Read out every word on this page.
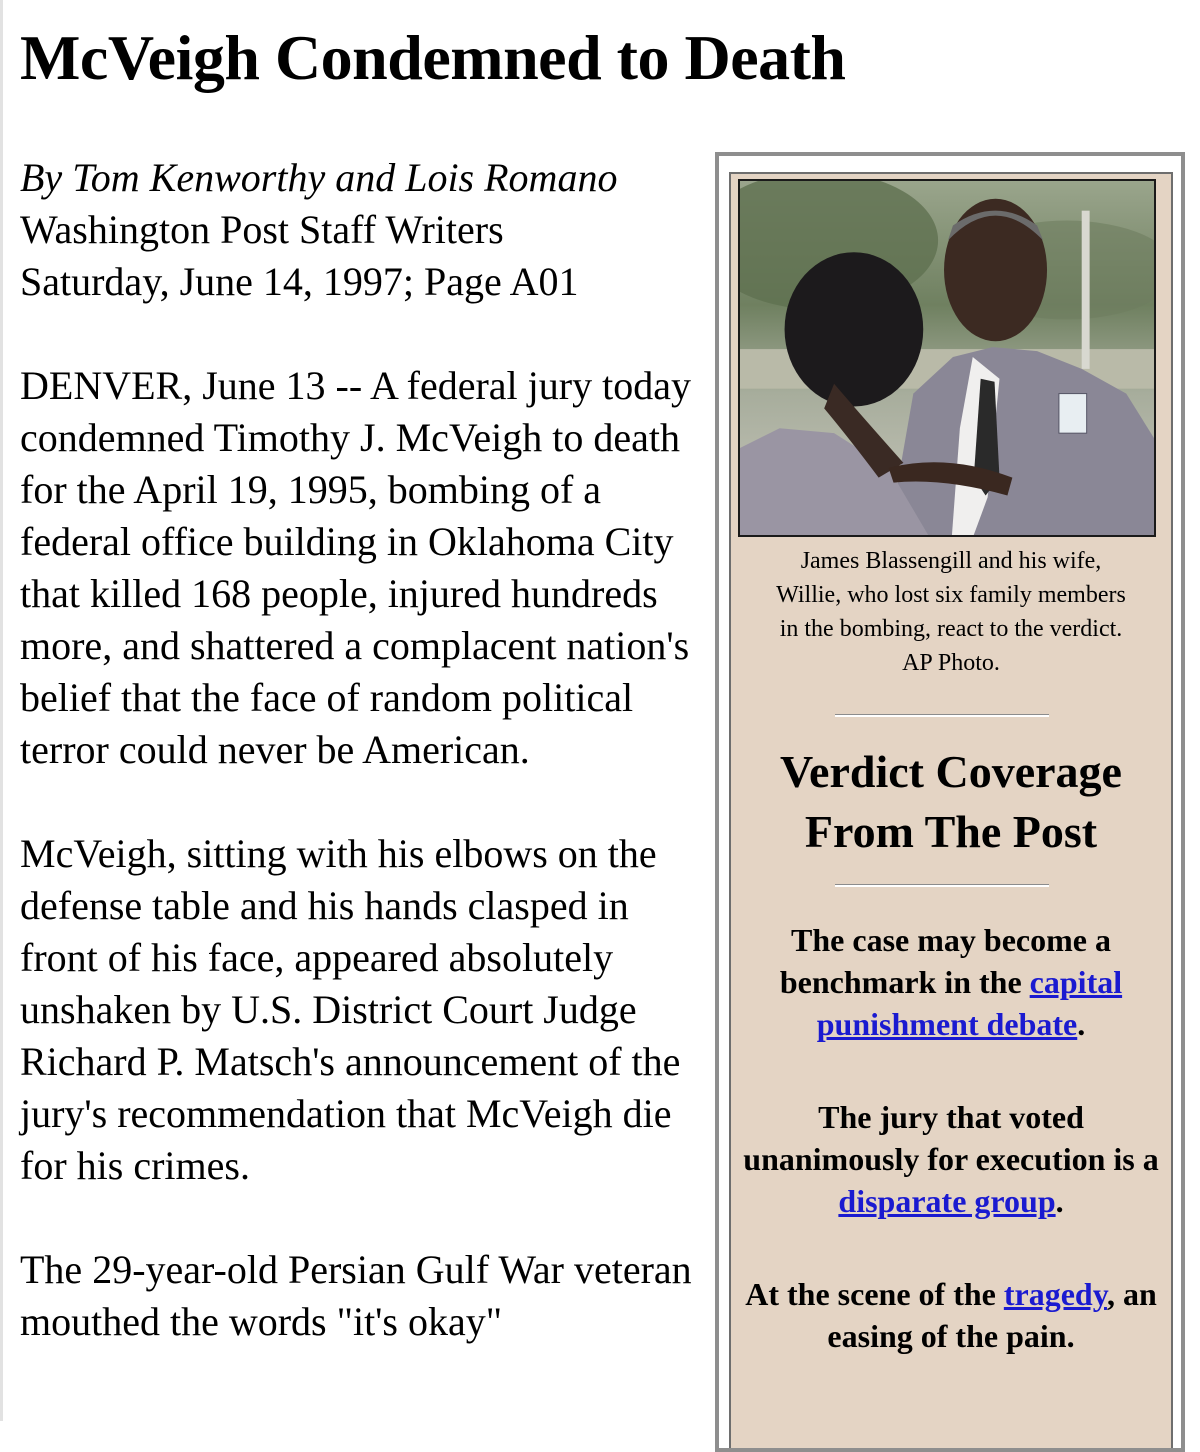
McVeigh Condemned to Death

By Tom Kenworthy and Lois Romano

Washington Post Staff Writers

Saturday, June 14, 1997; Page A01

DENVER, June 13 -- A federal jury today condemned Timothy J. McVeigh to death for the April 19, 1995, bombing of a federal office building in Oklahoma City that killed 168 people, injured hundreds more, and shattered a complacent nation's belief that the face of random political terror could never be American.

McVeigh, sitting with his elbows on the defense table and his hands clasped in front of his face, appeared absolutely unshaken by U.S. District Court Judge Richard P. Matsch's announcement of the jury's recommendation that McVeigh die for his crimes.

The 29-year-old Persian Gulf War veteran mouthed the words "it's okay"

James Blassengill and his wife,

Willie, who lost six family members

in the bombing, react to the verdict.

AP Photo.

Verdict Coverage
From The Post
The case may become a benchmark in the capital punishment debate.
The jury that voted unanimously for execution is a disparate group.
At the scene of the tragedy, an easing of the pain.
